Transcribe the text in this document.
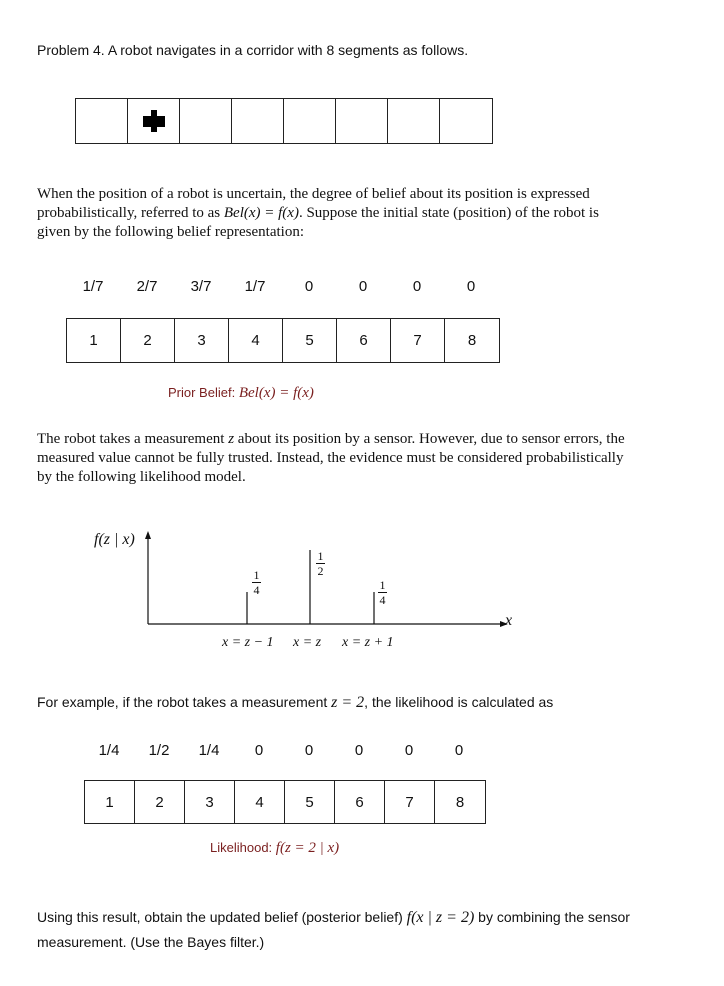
Problem 4. A robot navigates in a corridor with 8 segments as follows.
When the position of a robot is uncertain, the degree of belief about its position is expressed
probabilistically, referred to as Bel(x) = f(x). Suppose the initial state (position) of the robot is
given by the following belief representation:
1/7	2/7	3/7	1/7	0	0	0	0
1	2	3	4	5	6	7	8
Prior Belief: Bel(x) = f(x)
The robot takes a measurement z about its position by a sensor. However, due to sensor errors, the
measured value cannot be fully trusted. Instead, the evidence must be considered probabilistically
by the following likelihood model.
f(z | x)
x
1
4
1
2
1
4
x = z − 1 x = z x = z + 1
For example, if the robot takes a measurement z = 2, the likelihood is calculated as
1/4	1/2	1/4	0	0	0	0	0
1	2	3	4	5	6	7	8
Likelihood: f(z = 2 | x)
Using this result, obtain the updated belief (posterior belief) f(x | z = 2) by combining the sensor
measurement. (Use the Bayes filter.)
